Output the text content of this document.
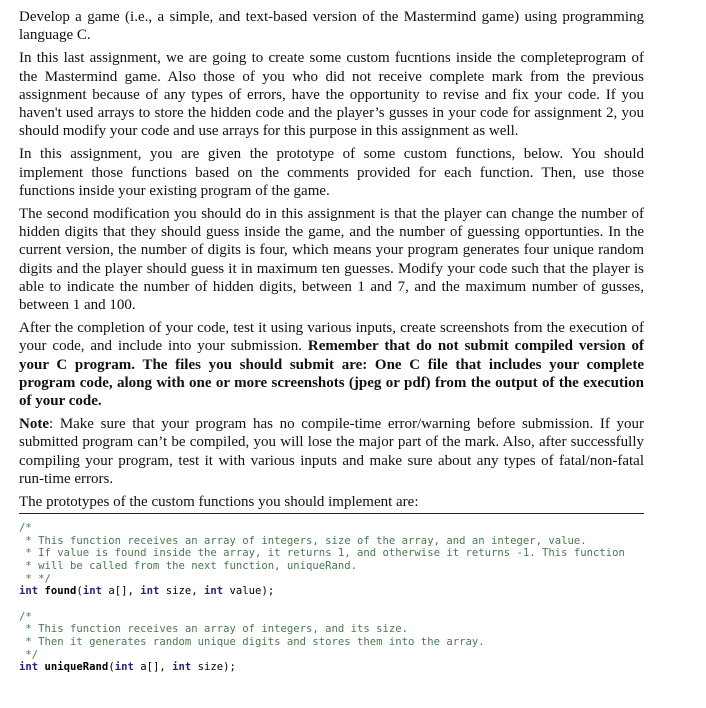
Develop a game (i.e., a simple, and text-based version of the Mastermind game) using programming language C.

In this last assignment, we are going to create some custom fucntions inside the completeprogram of the Mastermind game. Also those of you who did not receive complete mark from the previous assignment because of any types of errors, have the opportunity to revise and fix your code. If you haven't used arrays to store the hidden code and the player’s gusses in your code for assignment 2, you should modify your code and use arrays for this purpose in this assignment as well.

In this assignment, you are given the prototype of some custom functions, below. You should implement those functions based on the comments provided for each function. Then, use those functions inside your existing program of the game.

The second modification you should do in this assignment is that the player can change the number of hidden digits that they should guess inside the game, and the number of guessing opportunties. In the current version, the number of digits is four, which means your program generates four unique random digits and the player should guess it in maximum ten guesses. Modify your code such that the player is able to indicate the number of hidden digits, between 1 and 7, and the maximum number of gusses, between 1 and 100.

After the completion of your code, test it using various inputs, create screenshots from the execution of your code, and include into your submission. Remember that do not submit compiled version of your C program. The files you should submit are: One C file that includes your complete program code, along with one or more screenshots (jpeg or pdf) from the output of the execution of your code.

Note: Make sure that your program has no compile-time error/warning before submission. If your submitted program can’t be compiled, you will lose the major part of the mark. Also, after successfully compiling your program, test it with various inputs and make sure about any types of fatal/non-fatal run-time errors.

The prototypes of the custom functions you should implement are:

/*
* This function receives an array of integers, size of the array, and an integer, value.
* If value is found inside the array, it returns 1, and otherwise it returns -1. This function
* will be called from the next function, uniqueRand.
* */
int found(int a[], int size, int value);
/*
* This function receives an array of integers, and its size.
* Then it generates random unique digits and stores them into the array.
*/
int uniqueRand(int a[], int size);
